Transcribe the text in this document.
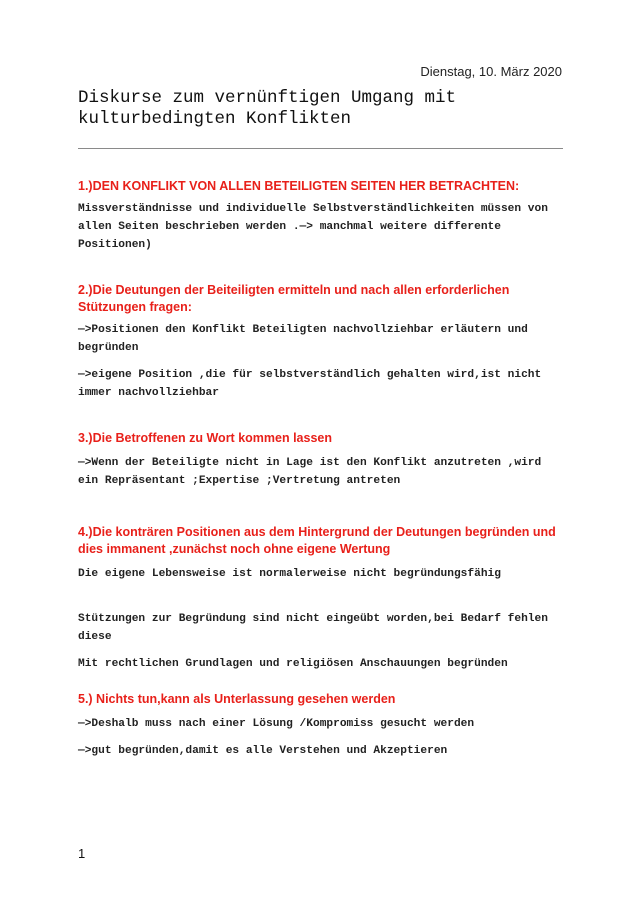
Dienstag, 10. März 2020
Diskurse zum vernünftigen Umgang mit kulturbedingten Konflikten
1.)DEN KONFLIKT VON ALLEN BETEILIGTEN SEITEN HER BETRACHTEN:

Missverständnisse und individuelle Selbstverständlichkeiten müssen von allen Seiten beschrieben werden .—> manchmal weitere differente Positionen)

2.)Die Deutungen der Beiteiligten ermitteln und nach allen erforderlichen Stützungen fragen:

—>Positionen den Konflikt Beteiligten nachvollziehbar erläutern und begründen

—>eigene Position ,die für selbstverständlich gehalten wird,ist nicht immer nachvollziehbar

3.)Die Betroffenen zu Wort kommen lassen

—>Wenn der Beteiligte nicht in Lage ist den Konflikt anzutreten ,wird ein Repräsentant ;Expertise ;Vertretung antreten

4.)Die konträren Positionen aus dem Hintergrund der Deutungen begründen und dies immanent ,zunächst noch ohne eigene Wertung

Die eigene Lebensweise ist normalerweise nicht begründungsfähig

Stützungen zur Begründung sind nicht eingeübt worden,bei Bedarf fehlen diese

Mit rechtlichen Grundlagen und religiösen Anschauungen begründen

5.) Nichts tun,kann als Unterlassung gesehen werden

—>Deshalb muss nach einer Lösung /Kompromiss gesucht werden

—>gut begründen,damit es alle Verstehen und Akzeptieren

1
